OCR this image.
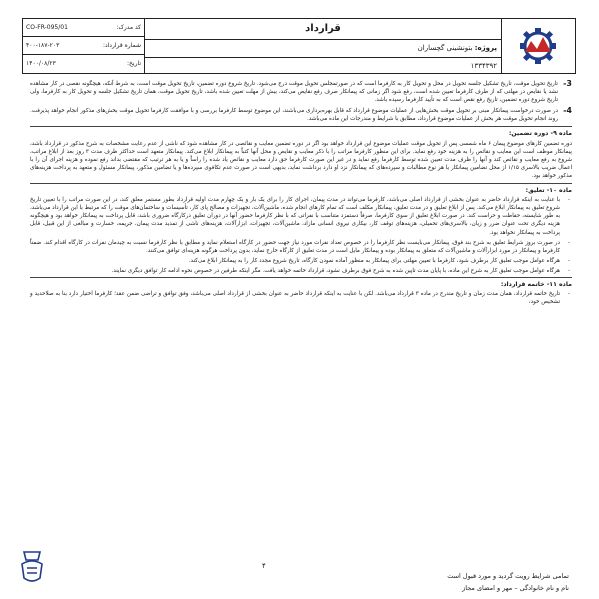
قرارداد
پروژه: بتونشینی گچساران
۱۳۳۴۳۹۲
کد مدرک:
CO-FR-095/01
شماره قرارداد:
۴۰۰-۱۸۷-۲۰۳
تاریخ:
۱۴۰۰/۰۸/۲۳
3-
تاریخ تحویل موقت، تاریخ تشکیل جلسه تحویل در محل و تحویل کار به کارفرما است که در صورتمجلس تحویل موقت درج می‌شود. تاریخ شروع دوره تضمین، تاریخ تحویل موقت است، به شرط آنکه، هیچگونه نقصی در کار مشاهده نشد یا نقایص در مهلتی که از طرف کارفرما تعیین شده است، رفع شود اگر زمانی که پیمانکار صرف رفع نقایص می‌کند، بیش از مهلت تعیین شده باشد، تاریخ تحویل موقت، همان تاریخ تشکیل جلسه و تحویل کار به کارفرما، ولی تاریخ شروع دوره تضمین، تاریخ رفع نقص است که به تأیید کارفرما رسیده باشد.
4-
در صورت درخواست پیمانکار مبنی بر تحویل موقت بخش‌هایی از عملیات موضوع قرارداد که قابل بهره‌برداری می‌باشند، این موضوع توسط کارفرما بررسی و با موافقت کارفرما تحویل موقت بخش‌های مذکور انجام خواهد پذیرفت. روند انجام تحویل موقت هر بخش از عملیات موضوع قرارداد، مطابق با شرایط و مندرجات این ماده می‌باشد.
ماده ۹- دوره تضمین:
دوره تضمین کارهای موضوع پیمان ۶ ماه شمسی پس از تحویل موقت عملیات موضوع این قرارداد خواهد بود اگر در دوره تضمین معایب و نقائصی در کار مشاهده شود که ناشی از عدم رعایت مشخصات به شرح مذکور در قرارداد باشد، پیمانکار موظف است این معایب و نقائص را به هزینه خود رفع نماید. برای این منظور کارفرما مراتب را با ذکر معایب و نقایص و محل آنها کتباً به پیمانکار ابلاغ می‌کند. پیمانکار متعهد است حداکثر ظرف مدت ۳ روز بعد از ابلاغ مراتب، شروع به رفع معایب و نقائص کند و آنها را ظرف مدت تعیین شده توسط کارفرما رفع نماید و در غیر این صورت کارفرما حق دارد معایب و نقائص یاد شده را راساً و یا به هر ترتیب که مقتضی بداند رفع نموده و هزینه اجرای آن را با اعمال ضریب بالاسری ۱/۱۵ از محل تضامین پیمانکار یا هر نوع مطالبات و سپرده‌های که پیمانکار نزد او دارد برداشت نماید، بدیهی است در صورت عدم تکافوی سپرده‌ها و یا تضامین مذکور، پیمانکار مسئول و متعهد به پرداخت هزینه‌های مذکور خواهد بود.
ماده ۱۰- تعلیق:
- با عنایت به اینکه قرارداد حاضر به عنوان بخشی از قرارداد اصلی می‌باشد، کارفرما می‌تواند در مدت پیمان، اجرای کار را برای یک بار و یک چهارم مدت اولیه قرارداد بطور مستمر معلق کند، در این صورت مراتب را با تعیین تاریخ شروع تعلیق به پیمانکار ابلاغ می‌کند. پس از ابلاغ تعلیق و در مدت تعلیق، پیمانکار مکلف است که تمام کارهای انجام شده، ماشین‌آلات، تجهیزات و مصالح پای کار، تأسیسات و ساختمان‌های موقت را که مرتبط با این قرارداد می‌باشد، به طور شایسته، حفاظت و حراست کند. در صورت ابلاغ تعلیق از سوی کارفرما، صرفاً دستمزد متناسب با نفراتی که با نظر کارفرما حضور آنها در دوران تعلیق درکارگاه ضروری باشد، قابل پرداخت به پیمانکار خواهد بود و هیچگونه هزینه دیگری تحت عنوان ضرر و زیان، بالاسری‌های تحمیلی، هزینه‌های توقف کار، بیکاری نیروی انسانی مازاد، ماشین‌آلات، تجهیزات، ابزارآلات، هزینه‌های ناشی از تمدید مدت پیمان، جریمه، خسارت و مبالغی از این قبیل، قابل پرداخت به پیمانکار نخواهد بود.
- در صورت بروز شرایط تعلیق به شرح بند فوق، پیمانکار می‌بایست نظر کارفرما را در خصوص تعداد نفرات مورد نیاز جهت حضور در کارگاه استعلام نماید و مطابق با نظر کارفرما نسبت به چیدمان نفرات در کارگاه اقدام کند. ضمناً کارفرما و پیمانکار در مورد ابزارآلات و ماشین‌آلات که متعلق به پیمانکار بوده و پیمانکار مایل است در مدت تعلیق از کارگاه خارج نماید، بدون پرداخت هرگونه هزینه‌ای توافق می‌کنند.
- هرگاه عوامل موجب تعلیق کار برطرف شود، کارفرما با تعیین مهلتی برای پیمانکار به منظور آماده نمودن کارگاه، تاریخ شروع مجدد کار را به پیمانکار ابلاغ می‌کند.
- هرگاه عوامل موجب تعلیق کار به شرح این ماده، با پایان مدت تاپین شده به شرح فوق برطرف نشود، قرارداد خاتمه خواهد یافت. مگر اینکه طرفین در خصوص نحوه ادامه کار توافق دیگری نمایند.
ماده ۱۱- خاتمه قرارداد:
- تاریخ خاتمه قرارداد، همان مدت زمان و تاریخ مندرج در ماده ۳ قرارداد می‌باشد. لکن با عنایت به اینکه قرارداد حاضر به عنوان بخشی از قرارداد اصلی می‌باشد، وفق توافق و تراضی ضمن عقد؛ کارفرما اختیار دارد بنا به صلاحدید و تشخیص خود،
۴
تمامی شرایط رویت گردید و مورد قبول است
نام و نام خانوادگی – مهر و امضای مجاز
